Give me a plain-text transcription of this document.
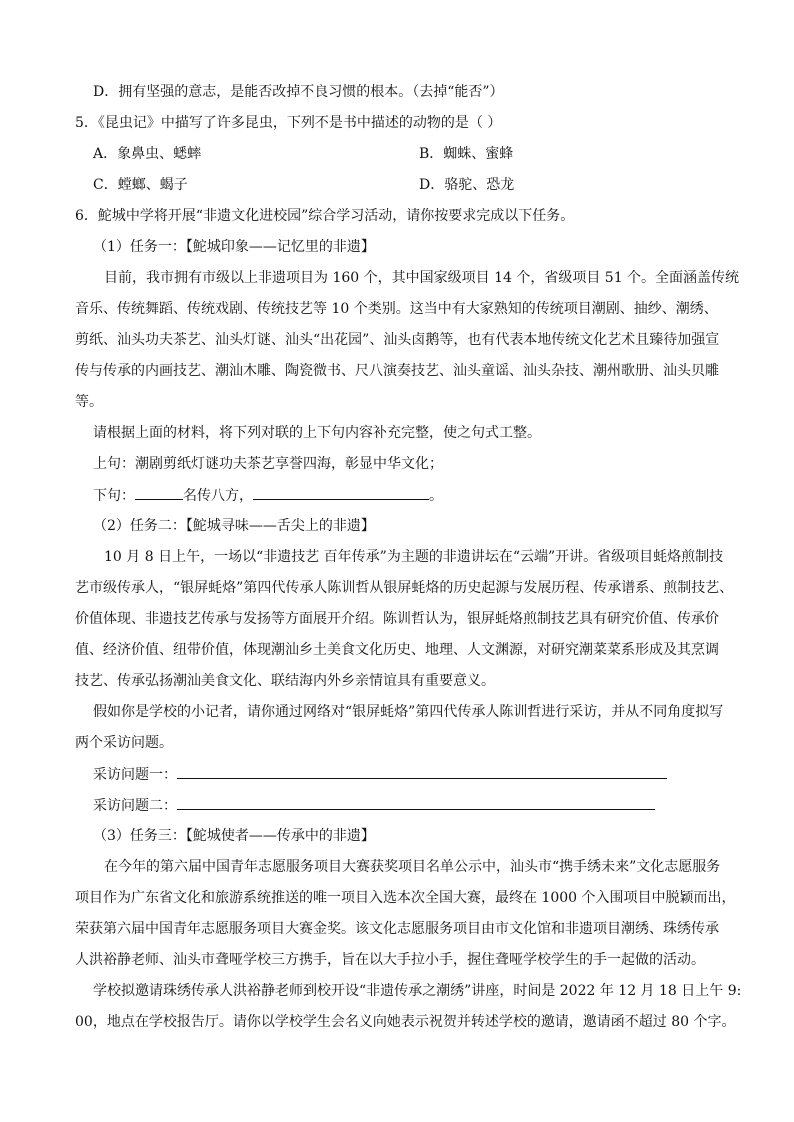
D．拥有坚强的意志，是能否改掉不良习惯的根本。（去掉“能否”）
5．《昆虫记》中描写了许多昆虫，下列不是书中描述的动物的是（ ）
A．象鼻虫、蟋蟀	B．蜘蛛、蜜蜂
C．螳螂、蝎子	D．骆驼、恐龙
6．鮀城中学将开展“非遗文化进校园”综合学习活动，请你按要求完成以下任务。
（1）任务一：【鮀城印象——记忆里的非遗】
目前，我市拥有市级以上非遗项目为 160 个，其中国家级项目 14 个，省级项目 51 个。全面涵盖传统
音乐、传统舞蹈、传统戏剧、传统技艺等 10 个类别。这当中有大家熟知的传统项目潮剧、抽纱、潮绣、
剪纸、汕头功夫茶艺、汕头灯谜、汕头“出花园”、汕头卤鹅等，也有代表本地传统文化艺术且臻待加强宣
传与传承的内画技艺、潮汕木雕、陶瓷微书、尺八演奏技艺、汕头童谣、汕头杂技、潮州歌册、汕头贝雕
等。
请根据上面的材料，将下列对联的上下句内容补充完整，使之句式工整。
上句：潮剧剪纸灯谜功夫茶艺享誉四海，彰显中华文化；
下句：	名传八方，	。
（2）任务二：【鮀城寻味——舌尖上的非遗】
10 月 8 日上午，一场以“非遗技艺 百年传承”为主题的非遗讲坛在“云端”开讲。省级项目蚝烙煎制技
艺市级传承人，“银屏蚝烙”第四代传承人陈训哲从银屏蚝烙的历史起源与发展历程、传承谱系、煎制技艺、
价值体现、非遗技艺传承与发扬等方面展开介绍。陈训哲认为，银屏蚝烙煎制技艺具有研究价值、传承价
值、经济价值、纽带价值，体现潮汕乡土美食文化历史、地理、人文渊源，对研究潮菜菜系形成及其烹调
技艺、传承弘扬潮汕美食文化、联结海内外乡亲情谊具有重要意义。
假如你是学校的小记者，请你通过网络对“银屏蚝烙”第四代传承人陈训哲进行采访，并从不同角度拟写
两个采访问题。
采访问题一：
采访问题二：
（3）任务三：【鮀城使者——传承中的非遗】
在今年的第六届中国青年志愿服务项目大赛获奖项目名单公示中，汕头市“携手绣未来”文化志愿服务
项目作为广东省文化和旅游系统推送的唯一项目入选本次全国大赛，最终在 1000 个入围项目中脱颖而出，
荣获第六届中国青年志愿服务项目大赛金奖。该文化志愿服务项目由市文化馆和非遗项目潮绣、珠绣传承
人洪裕静老师、汕头市聋哑学校三方携手，旨在以大手拉小手，握住聋哑学校学生的手一起做的活动。
学校拟邀请珠绣传承人洪裕静老师到校开设“非遗传承之潮绣”讲座，时间是 2022 年 12 月 18 日上午 9:
00，地点在学校报告厅。请你以学校学生会名义向她表示祝贺并转述学校的邀请，邀请函不超过 80 个字。
